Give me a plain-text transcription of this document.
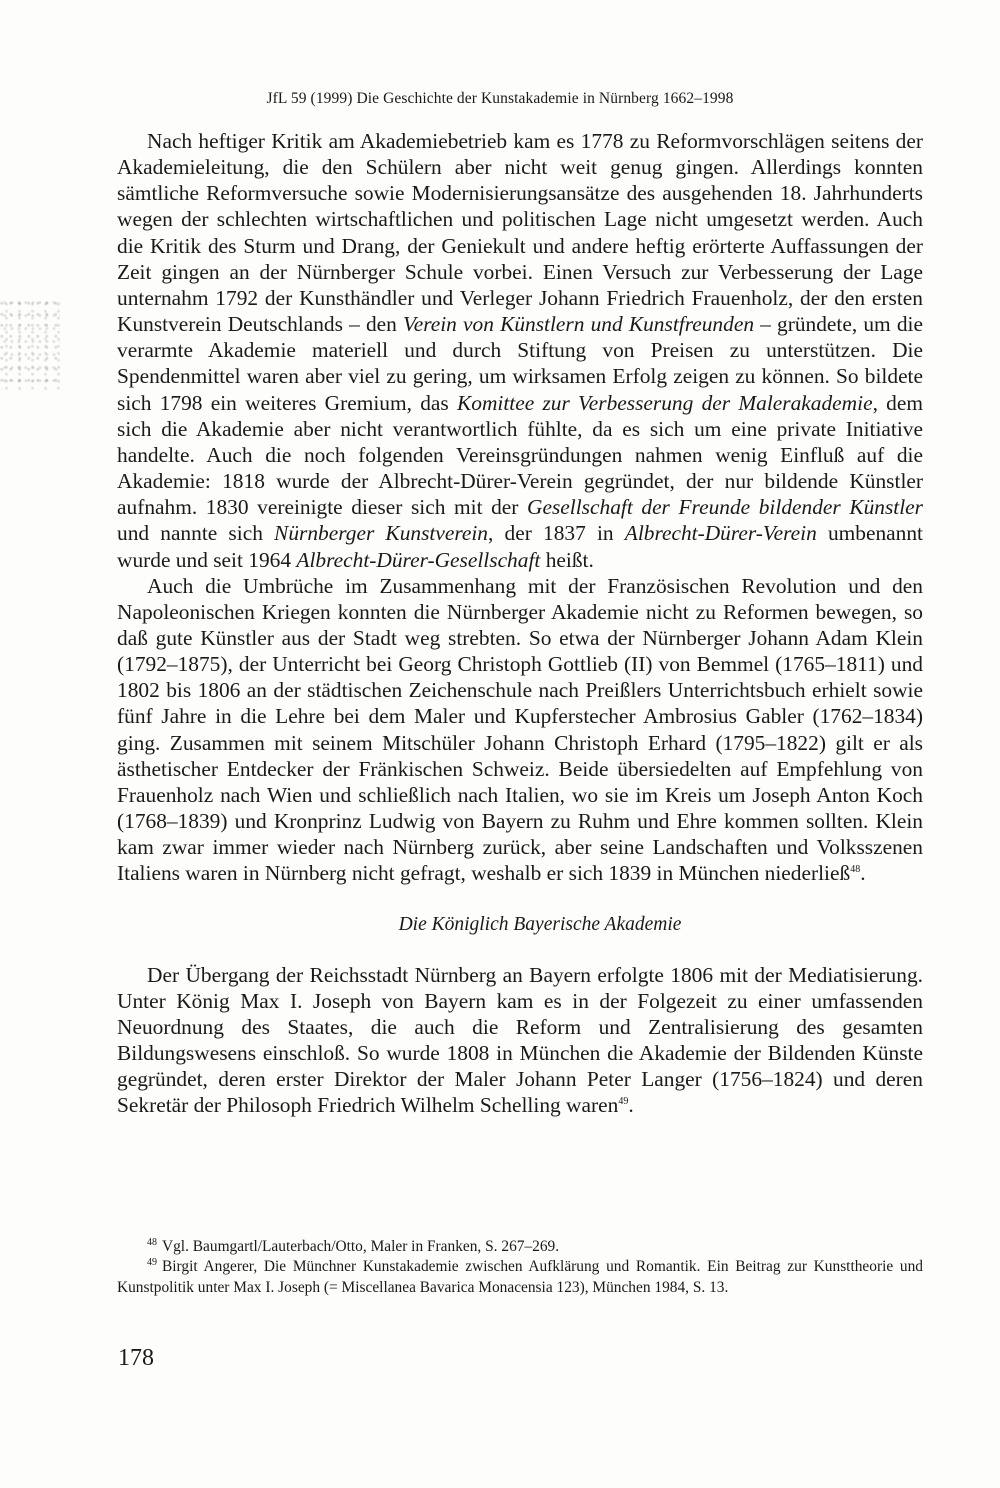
JfL 59 (1999) Die Geschichte der Kunstakademie in Nürnberg 1662–1998

Nach heftiger Kritik am Akademiebetrieb kam es 1778 zu Reformvorschlägen seitens der Akademieleitung, die den Schülern aber nicht weit genug gingen. Allerdings konnten sämtliche Reformversuche sowie Modernisierungsansätze des ausgehenden 18. Jahrhunderts wegen der schlechten wirtschaftlichen und politischen Lage nicht umgesetzt werden. Auch die Kritik des Sturm und Drang, der Geniekult und andere heftig erörterte Auffassungen der Zeit gingen an der Nürnberger Schule vorbei. Einen Versuch zur Verbesserung der Lage unternahm 1792 der Kunsthändler und Verleger Johann Friedrich Frauenholz, der den ersten Kunstverein Deutschlands – den Verein von Künstlern und Kunstfreunden – gründete, um die verarmte Akademie materiell und durch Stiftung von Preisen zu unterstützen. Die Spendenmittel waren aber viel zu gering, um wirksamen Erfolg zeigen zu können. So bildete sich 1798 ein weiteres Gremium, das Komittee zur Verbesserung der Malerakademie, dem sich die Akademie aber nicht verantwortlich fühlte, da es sich um eine private Initiative handelte. Auch die noch folgenden Vereinsgründungen nahmen wenig Einfluß auf die Akademie: 1818 wurde der Albrecht-Dürer-Verein gegründet, der nur bildende Künstler aufnahm. 1830 vereinigte dieser sich mit der Gesellschaft der Freunde bildender Künstler und nannte sich Nürnberger Kunstverein, der 1837 in Albrecht-Dürer-Verein umbenannt wurde und seit 1964 Albrecht-Dürer-Gesellschaft heißt.

Auch die Umbrüche im Zusammenhang mit der Französischen Revolution und den Napoleonischen Kriegen konnten die Nürnberger Akademie nicht zu Reformen bewegen, so daß gute Künstler aus der Stadt weg strebten. So etwa der Nürnberger Johann Adam Klein (1792–1875), der Unterricht bei Georg Christoph Gottlieb (II) von Bemmel (1765–1811) und 1802 bis 1806 an der städtischen Zeichenschule nach Preißlers Unterrichtsbuch erhielt sowie fünf Jahre in die Lehre bei dem Maler und Kupferstecher Ambrosius Gabler (1762–1834) ging. Zusammen mit seinem Mitschüler Johann Christoph Erhard (1795–1822) gilt er als ästhetischer Entdecker der Fränkischen Schweiz. Beide übersiedelten auf Empfehlung von Frauenholz nach Wien und schließlich nach Italien, wo sie im Kreis um Joseph Anton Koch (1768–1839) und Kronprinz Ludwig von Bayern zu Ruhm und Ehre kommen sollten. Klein kam zwar immer wieder nach Nürnberg zurück, aber seine Landschaften und Volksszenen Italiens waren in Nürnberg nicht gefragt, weshalb er sich 1839 in München niederließ$^{48}$.

Die Königlich Bayerische Akademie

Der Übergang der Reichsstadt Nürnberg an Bayern erfolgte 1806 mit der Mediatisierung. Unter König Max I. Joseph von Bayern kam es in der Folgezeit zu einer umfassenden Neuordnung des Staates, die auch die Reform und Zentralisierung des gesamten Bildungswesens einschloß. So wurde 1808 in München die Akademie der Bildenden Künste gegründet, deren erster Direktor der Maler Johann Peter Langer (1756–1824) und deren Sekretär der Philosoph Friedrich Wilhelm Schelling waren$^{49}$.

$^{48}$ Vgl. Baumgartl/Lauterbach/Otto, Maler in Franken, S. 267–269.

$^{49}$ Birgit Angerer, Die Münchner Kunstakademie zwischen Aufklärung und Romantik. Ein Beitrag zur Kunsttheorie und Kunstpolitik unter Max I. Joseph (= Miscellanea Bavarica Monacensia 123), München 1984, S. 13.

178
